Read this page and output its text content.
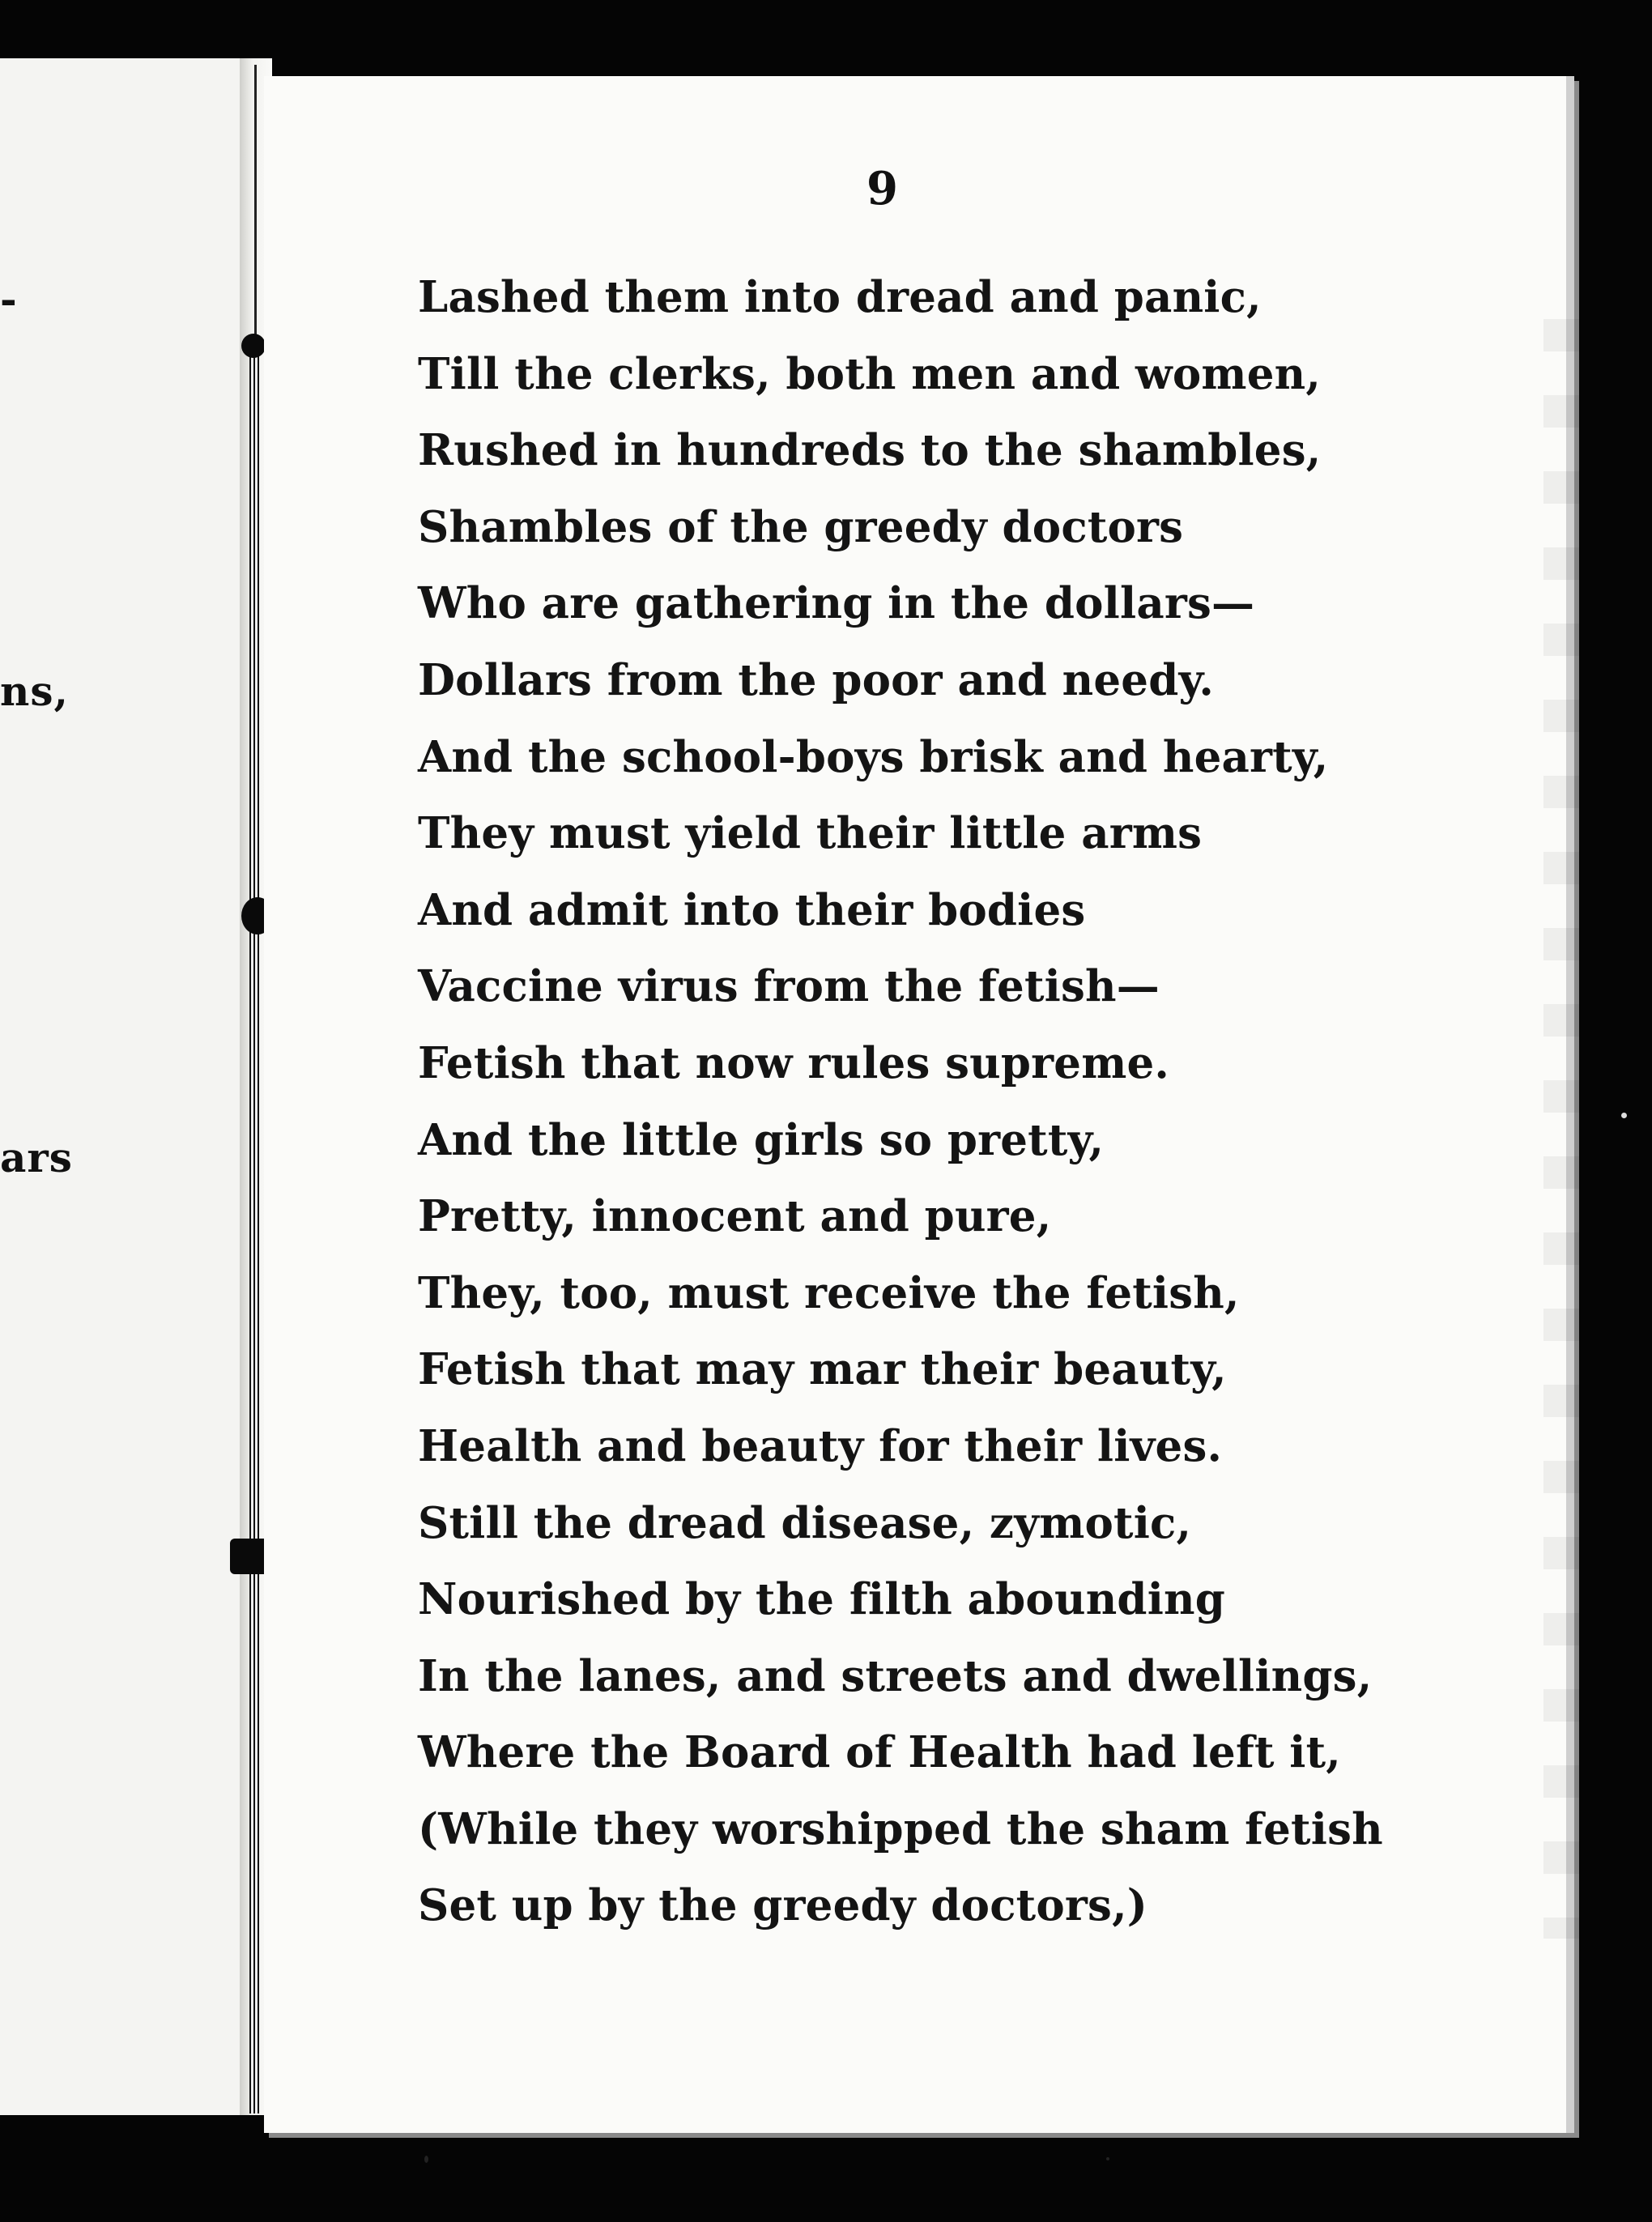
-
ns,
ars
9
Lashed them into dread and panic,
Till the clerks, both men and women,
Rushed in hundreds to the shambles,
Shambles of the greedy doctors
Who are gathering in the dollars—
Dollars from the poor and needy.
And the school-boys brisk and hearty,
They must yield their little arms
And admit into their bodies
Vaccine virus from the fetish—
Fetish that now rules supreme.
And the little girls so pretty,
Pretty, innocent and pure,
They, too, must receive the fetish,
Fetish that may mar their beauty,
Health and beauty for their lives.
Still the dread disease, zymotic,
Nourished by the filth abounding
In the lanes, and streets and dwellings,
Where the Board of Health had left it,
(While they worshipped the sham fetish
Set up by the greedy doctors,)
